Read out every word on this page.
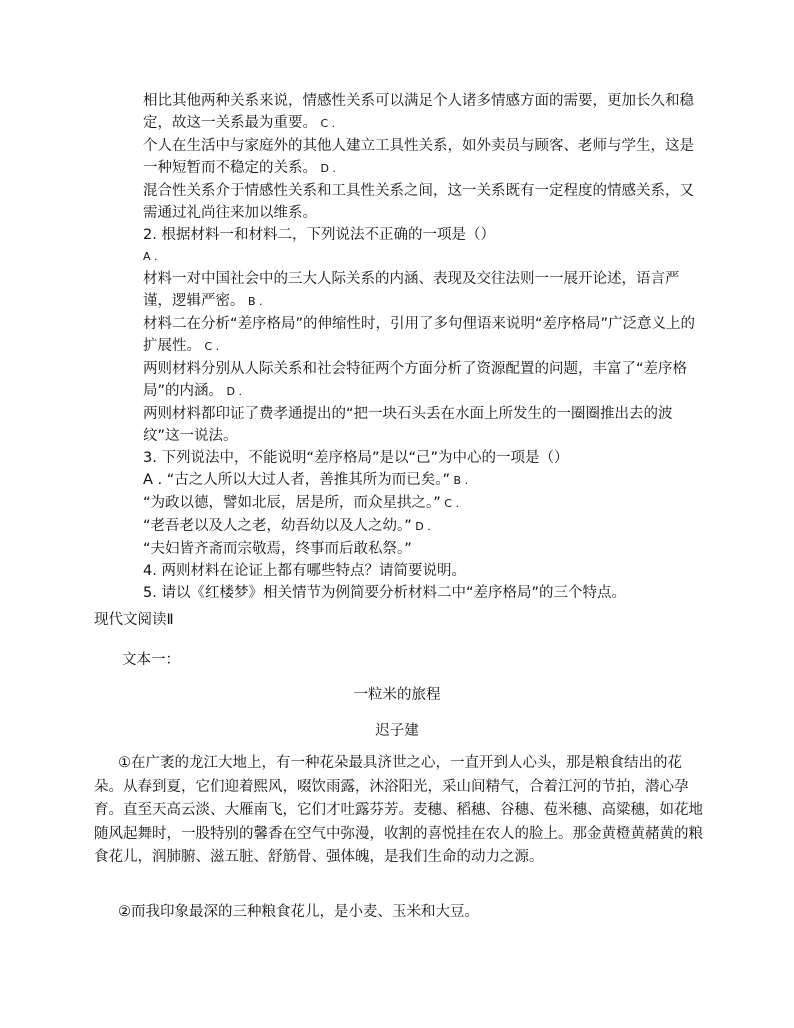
相比其他两种关系来说，情感性关系可以满足个人诸多情感方面的需要，更加长久和稳定，故这一关系最为重要。 C .

个人在生活中与家庭外的其他人建立工具性关系，如外卖员与顾客、老师与学生，这是一种短暂而不稳定的关系。 D .

混合性关系介于情感性关系和工具性关系之间，这一关系既有一定程度的情感关系，又需通过礼尚往来加以维系。

2. 根据材料一和材料二，下列说法不正确的一项是（）

A .

材料一对中国社会中的三大人际关系的内涵、表现及交往法则一一展开论述，语言严谨，逻辑严密。 B .

材料二在分析“差序格局”的伸缩性时，引用了多句俚语来说明“差序格局”广泛意义上的扩展性。 C .

两则材料分别从人际关系和社会特征两个方面分析了资源配置的问题，丰富了“差序格局”的内涵。 D .

两则材料都印证了费孝通提出的“把一块石头丢在水面上所发生的一圈圈推出去的波纹”这一说法。

3. 下列说法中，不能说明“差序格局”是以“己”为中心的一项是（）

A . “古之人所以大过人者，善推其所为而已矣。” B .

“为政以德，譬如北辰，居是所，而众星拱之。” C .

“老吾老以及人之老，幼吾幼以及人之幼。” D .

“夫妇皆齐斋而宗敬焉，终事而后敢私祭。”

4. 两则材料在论证上都有哪些特点？请简要说明。

5. 请以《红楼梦》相关情节为例简要分析材料二中“差序格局”的三个特点。

现代文阅读Ⅱ
文本一：
一粒米的旅程
迟子建

①在广袤的龙江大地上，有一种花朵最具济世之心，一直开到人心头，那是粮食结出的花朵。从春到夏，它们迎着熙风，啜饮雨露，沐浴阳光，采山间精气，合着江河的节拍，潜心孕育。直至天高云淡、大雁南飞，它们才吐露芬芳。麦穗、稻穗、谷穗、苞米穗、高粱穗，如花地随风起舞时，一股特别的馨香在空气中弥漫，收割的喜悦挂在农人的脸上。那金黄橙黄赭黄的粮食花儿，润肺腑、滋五脏、舒筋骨、强体魄，是我们生命的动力之源。

②而我印象最深的三种粮食花儿，是小麦、玉米和大豆。
